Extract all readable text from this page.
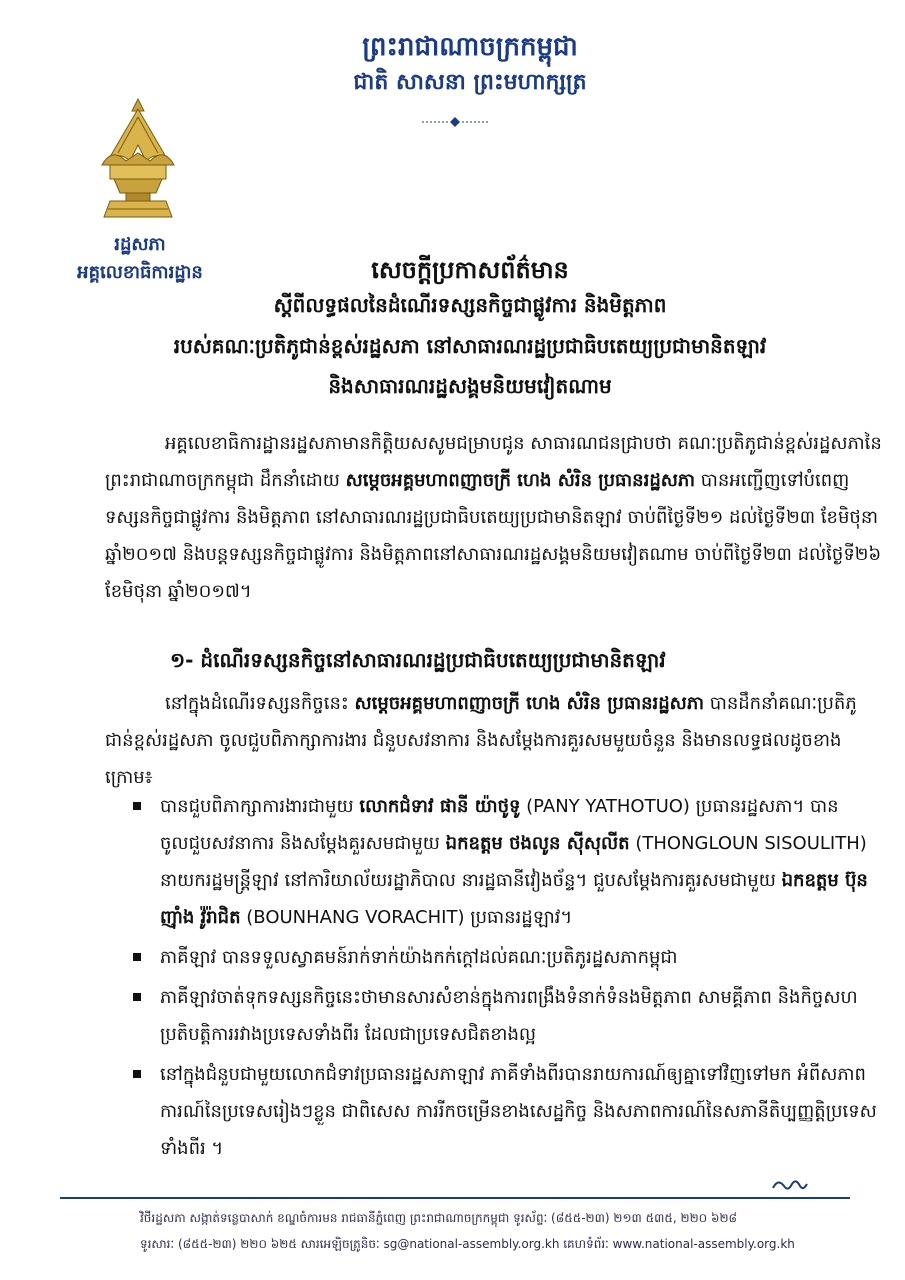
ព្រះរាជាណាចក្រកម្ពុជា
ជាតិ សាសនា ព្រះមហាក្សត្រ
រដ្ឋសភា
អគ្គលេខាធិការដ្ឋាន	សេចក្ដីប្រកាសព័ត៌មាន
ស្ដីពីលទ្ធផលនៃដំណើរទស្សនកិច្ចជាផ្លូវការ និងមិត្តភាព
របស់គណៈប្រតិភូជាន់ខ្ពស់រដ្ឋសភា នៅសាធារណរដ្ឋប្រជាធិបតេយ្យប្រជាមានិតឡាវ
និងសាធារណរដ្ឋសង្គមនិយមវៀតណាម
អគ្គលេខាធិការដ្ឋានរដ្ឋសភាមានកិត្តិយសសូមជម្រាបជូន សាធារណជនជ្រាបថា គណៈប្រតិភូជាន់ខ្ពស់រដ្ឋសភានៃព្រះរាជាណាចក្រកម្ពុជា ដឹកនាំដោយ សម្ដេចអគ្គមហាពញាចក្រី ហេង សំរិន ប្រធានរដ្ឋសភា បានអញ្ជើញទៅបំពេញទស្សនកិច្ចជាផ្លូវការ និងមិត្តភាព នៅសាធារណរដ្ឋប្រជាធិបតេយ្យប្រជាមានិតឡាវ ចាប់ពីថ្ងៃទី២១ ដល់ថ្ងៃទី២៣ ខែមិថុនា ឆ្នាំ២០១៧ និងបន្តទស្សនកិច្ចជាផ្លូវការ និងមិត្តភាពនៅសាធារណរដ្ឋសង្គមនិយមវៀតណាម ចាប់ពីថ្ងៃទី២៣ ដល់ថ្ងៃទី២៦ ខែមិថុនា ឆ្នាំ២០១៧។
១- ដំណើរទស្សនកិច្ចនៅសាធារណរដ្ឋប្រជាធិបតេយ្យប្រជាមានិតឡាវ
នៅក្នុងដំណើរទស្សនកិច្ចនេះ សម្ដេចអគ្គមហាពញាចក្រី ហេង សំរិន ប្រធានរដ្ឋសភា បានដឹកនាំគណៈប្រតិភូជាន់ខ្ពស់រដ្ឋសភា ចូលជួបពិភាក្សាការងារ ជំនួបសវនាការ និងសម្ដែងការគួរសមមួយចំនួន និងមានលទ្ធផលដូចខាងក្រោម៖
បានជួបពិភាក្សាការងារជាមួយ លោកជំទាវ ផានី យ៉ាថូទូ (PANY YATHOTUO) ប្រធានរដ្ឋសភា។ បានចូលជួបសវនាការ និងសម្ដែងគួរសមជាមួយ ឯកឧត្តម ថងលូន ស៊ីសុលីត (THONGLOUN SISOULITH) នាយករដ្ឋមន្ត្រីឡាវ នៅការិយាល័យរដ្ឋាភិបាល នារដ្ឋធានីវៀងច័ន្ទ។ ជួបសម្ដែងការគួរសមជាមួយ ឯកឧត្តម ប៊ុនញ៉ាំង វ៉ូរ៉ាជិត (BOUNHANG VORACHIT) ប្រធានរដ្ឋឡាវ។
ភាគីឡាវ បានទទួលស្វាគមន៍រាក់ទាក់យ៉ាងកក់ក្ដៅដល់គណៈប្រតិភូរដ្ឋសភាកម្ពុជា
ភាគីឡាវចាត់ទុកទស្សនកិច្ចនេះថាមានសារសំខាន់ក្នុងការពង្រឹងទំនាក់ទំនងមិត្តភាព សាមគ្គីភាព និងកិច្ចសហប្រតិបត្តិការរវាងប្រទេសទាំងពីរ ដែលជាប្រទេសជិតខាងល្អ
នៅក្នុងជំនួបជាមួយលោកជំទាវប្រធានរដ្ឋសភាឡាវ ភាគីទាំងពីរបានរាយការណ៍ឲ្យគ្នាទៅវិញទៅមក អំពីសភាពការណ៍នៃប្រទេសរៀងៗខ្លួន ជាពិសេស ការរីកចម្រើនខាងសេដ្ឋកិច្ច និងសភាពការណ៍នៃសភានីតិប្បញ្ញត្តិប្រទេសទាំងពីរ ។
វិថីរដ្ឋសភា សង្កាត់ទន្លេបាសាក់ ខណ្ឌចំការមន រាជធានីភ្នំពេញ ព្រះរាជាណាចក្រកម្ពុជា ទូរស័ព្ទៈ (៨៥៥-២៣) ២១៣ ៥៣៥, ២២០ ៦២៨
ទូរសារៈ (៨៥៥-២៣) ២២០ ៦២៥ សារអេឡិចត្រូនិចៈ sg@national-assembly.org.kh គេហទំព័រៈ www.national-assembly.org.kh
